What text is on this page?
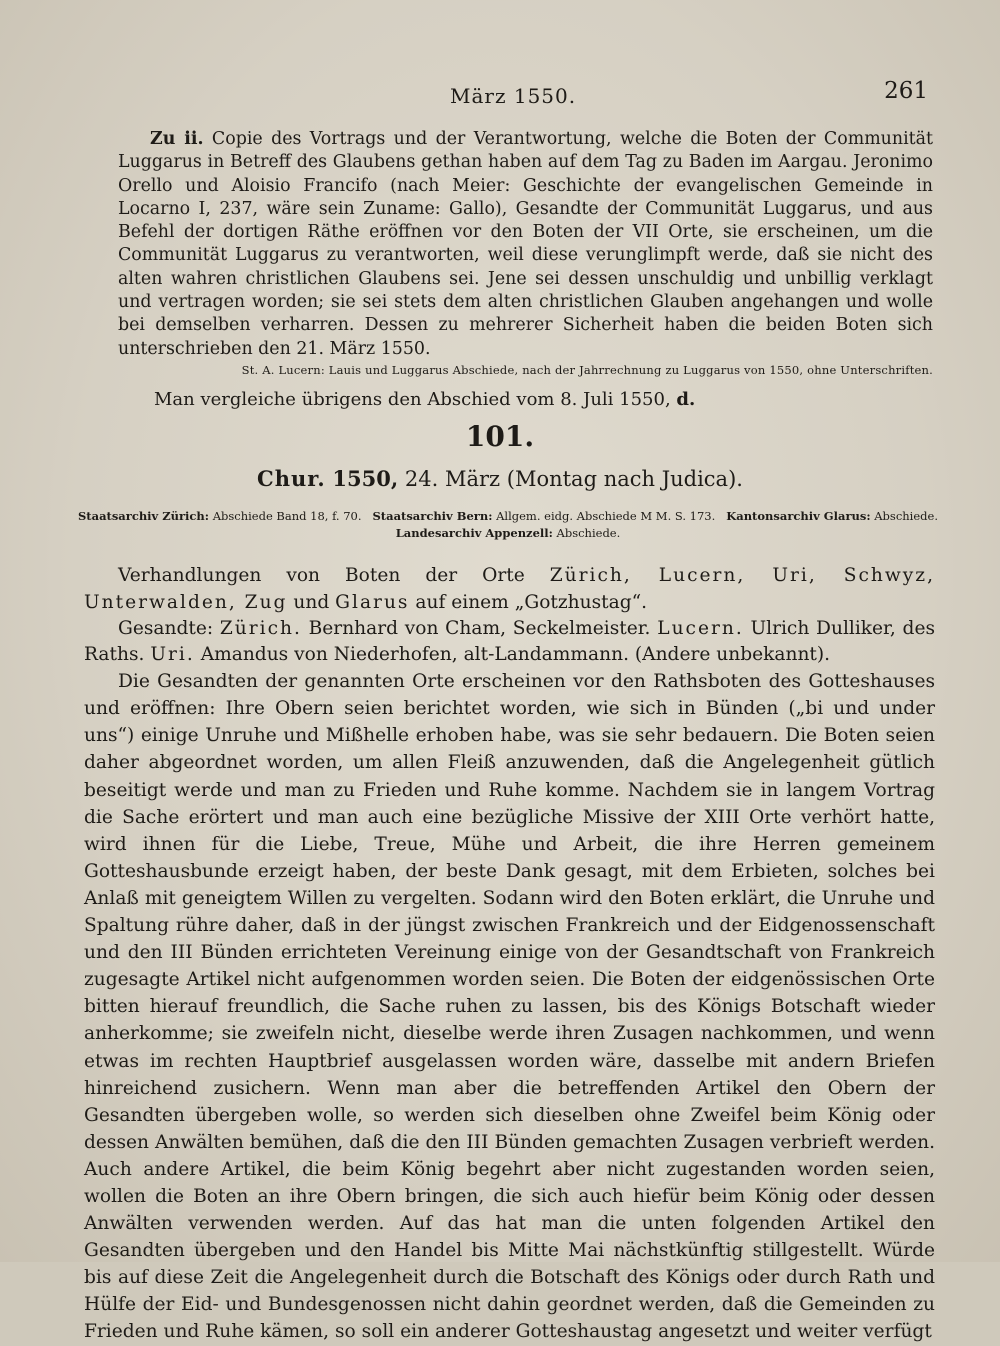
März 1550.	261

Zu ii. Copie des Vortrags und der Verantwortung, welche die Boten der Communität Luggarus in Betreff des Glaubens gethan haben auf dem Tag zu Baden im Aargau. Jeronimo Orello und Aloisio Francifo (nach Meier: Geschichte der evangelischen Gemeinde in Locarno I, 237, wäre sein Zuname: Gallo), Gesandte der Communität Luggarus, und aus Befehl der dortigen Räthe eröffnen vor den Boten der VII Orte, sie erscheinen, um die Communität Luggarus zu verantworten, weil diese verunglimpft werde, daß sie nicht des alten wahren christlichen Glaubens sei. Jene sei dessen unschuldig und unbillig verklagt und vertragen worden; sie sei stets dem alten christlichen Glauben angehangen und wolle bei demselben verharren. Dessen zu mehrerer Sicherheit haben die beiden Boten sich unterschrieben den 21. März 1550.

St. A. Lucern: Lauis und Luggarus Abschiede, nach der Jahrrechnung zu Luggarus von 1550, ohne Unterschriften.

Man vergleiche übrigens den Abschied vom 8. Juli 1550, d.

101.
Chur. 1550, 24. März (Montag nach Judica).
Staatsarchiv Zürich: Abschiede Band 18, f. 70. Staatsarchiv Bern: Allgem. eidg. Abschiede M M. S. 173. Kantonsarchiv Glarus: Abschiede.
Landesarchiv Appenzell: Abschiede.

Verhandlungen von Boten der Orte Zürich, Lucern, Uri, Schwyz, Unterwalden, Zug und Glarus auf einem „Gotzhustag“.

Gesandte: Zürich. Bernhard von Cham, Seckelmeister. Lucern. Ulrich Dulliker, des Raths. Uri. Amandus von Niederhofen, alt-Landammann. (Andere unbekannt).

Die Gesandten der genannten Orte erscheinen vor den Rathsboten des Gotteshauses und eröffnen: Ihre Obern seien berichtet worden, wie sich in Bünden („bi und under uns“) einige Unruhe und Mißhelle erhoben habe, was sie sehr bedauern. Die Boten seien daher abgeordnet worden, um allen Fleiß anzuwenden, daß die Angelegenheit gütlich beseitigt werde und man zu Frieden und Ruhe komme. Nachdem sie in langem Vortrag die Sache erörtert und man auch eine bezügliche Missive der XIII Orte verhört hatte, wird ihnen für die Liebe, Treue, Mühe und Arbeit, die ihre Herren gemeinem Gotteshausbunde erzeigt haben, der beste Dank gesagt, mit dem Erbieten, solches bei Anlaß mit geneigtem Willen zu vergelten. Sodann wird den Boten erklärt, die Unruhe und Spaltung rühre daher, daß in der jüngst zwischen Frankreich und der Eidgenossenschaft und den III Bünden errichteten Vereinung einige von der Gesandtschaft von Frankreich zugesagte Artikel nicht aufgenommen worden seien. Die Boten der eidgenössischen Orte bitten hierauf freundlich, die Sache ruhen zu lassen, bis des Königs Botschaft wieder anherkomme; sie zweifeln nicht, dieselbe werde ihren Zusagen nachkommen, und wenn etwas im rechten Hauptbrief ausgelassen worden wäre, dasselbe mit andern Briefen hinreichend zusichern. Wenn man aber die betreffenden Artikel den Obern der Gesandten übergeben wolle, so werden sich dieselben ohne Zweifel beim König oder dessen Anwälten bemühen, daß die den III Bünden gemachten Zusagen verbrieft werden. Auch andere Artikel, die beim König begehrt aber nicht zugestanden worden seien, wollen die Boten an ihre Obern bringen, die sich auch hiefür beim König oder dessen Anwälten verwenden werden. Auf das hat man die unten folgenden Artikel den Gesandten übergeben und den Handel bis Mitte Mai nächstkünftig stillgestellt. Würde bis auf diese Zeit die Angelegenheit durch die Botschaft des Königs oder durch Rath und Hülfe der Eid- und Bundesgenossen nicht dahin geordnet werden, daß die Gemeinden zu Frieden und Ruhe kämen, so soll ein anderer Gotteshaustag angesetzt und weiter verfügt
